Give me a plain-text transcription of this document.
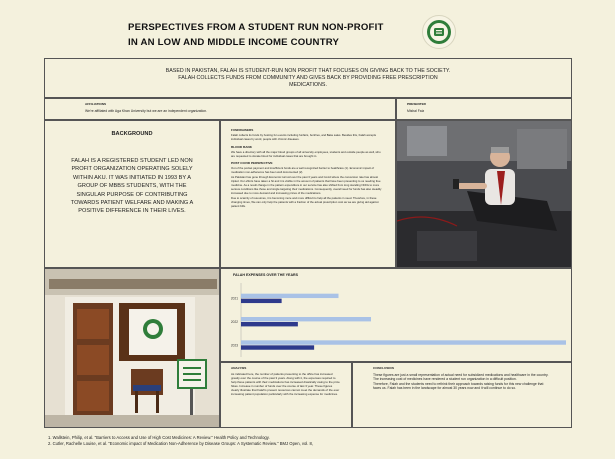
PERSPECTIVES FROM A STUDENT RUN NON-PROFIT
IN AN LOW AND MIDDLE INCOME COUNTRY
BASED IN PAKISTAN, FALAH IS STUDENT-RUN NON PROFIT THAT FOCUSES ON GIVING BACK TO THE SOCIETY. FALAH COLLECTS FUNDS FROM COMMUNITY AND GIVES BACK BY PROVIDING FREE PRESCRIPTION MEDICATIONS.
AFFILIATIONS
We're affiliated with Aga Khan University but we are an independent organization.
PRESENTER
Mishal Faiz
BACKGROUND
FALAH IS A REGISTERED STUDENT LED NON PROFIT ORGANIZATION OPERATING SOLELY WITHIN AKU. IT WAS INITIATED IN 1993 BY A GROUP OF MBBS STUDENTS, WITH THE SINGULAR PURPOSE OF CONTRIBUTING TOWARDS PATIENT WELFARE AND MAKING A POSITIVE DIFFERENCE IN THEIR LIVES.
FUNDRAISERS

Falah collects its funds by hosting fun events including funfairs, bonfires, and Bake sales. Besides this, Falah accepts individual cases by word, people with chronic diseases.

BLOOD BANK

We have a directory with all the major blood groups of all university employees, students and outside people as well, who are requested to donate blood for individual cases that are brought in.

POST COVID PERSPECTIVE

Out of the pocket payment and insufficient funds are a well recognized barrier to healthcare (1). Economic impact of medication non-adherence has been well documented (2).

As Pakistan has gone through Economic turmoil over the past 3 years and Covid where the conversion rate has almost tripled. Our efforts have taken a hit and it is visible in the amount of patients that have been presenting to us needing free medicine. As a result change in the pattern expenditure in our service has also shifted from long standing NCDs to more serious conditions like those and single targeting their medications. Consequently, overall need for funds has also steadily increased due to more demand and increasing prices of the medications.

Due to scarcity of resources, it is becoming more and more difficult to help all the patients in need. Therefore, in these changing times, We can only help the patients with a fraction of the actual prescription cost as we are giving aid against patient bills.

FALAH EXPENSES OVER THE YEARS
2021
2022
2023
ANALYSIS
As indicated here, the number of patients presenting to the office has increased greatly over the course of the past 3 years. Along with it, the expenses required to help these patients with their medications has increased drastically owing to the price hikes. Increase in number of funds over the course of last 3 year. These figures clearly illustrate that Falah's present resources cannot meet the demands of the ever increasing patient population particularly with the increasing expense for medicines.
CONCLUSION
These figures are just a small representation of actual need for subsidized medications and healthcare in the country. The increasing cost of medicines have rendered a student run organization in a difficult position.
Therefore, Falah and the students need to rethink their approach towards raising funds for this new challenge that faces us. Falah has been in the landscape for almost 30 years now and it will continue to do so.
1. Wallstein, Philip, et al. "Barriers to Access and Use of High Cost Medicines: A Review." Health Policy and Technology.
2. Cutler, Rachelle Louise, et al. "Economic impact of Medication Non-Adherence by Disease Groups: A Systematic Review." BMJ Open, vol. 8,
